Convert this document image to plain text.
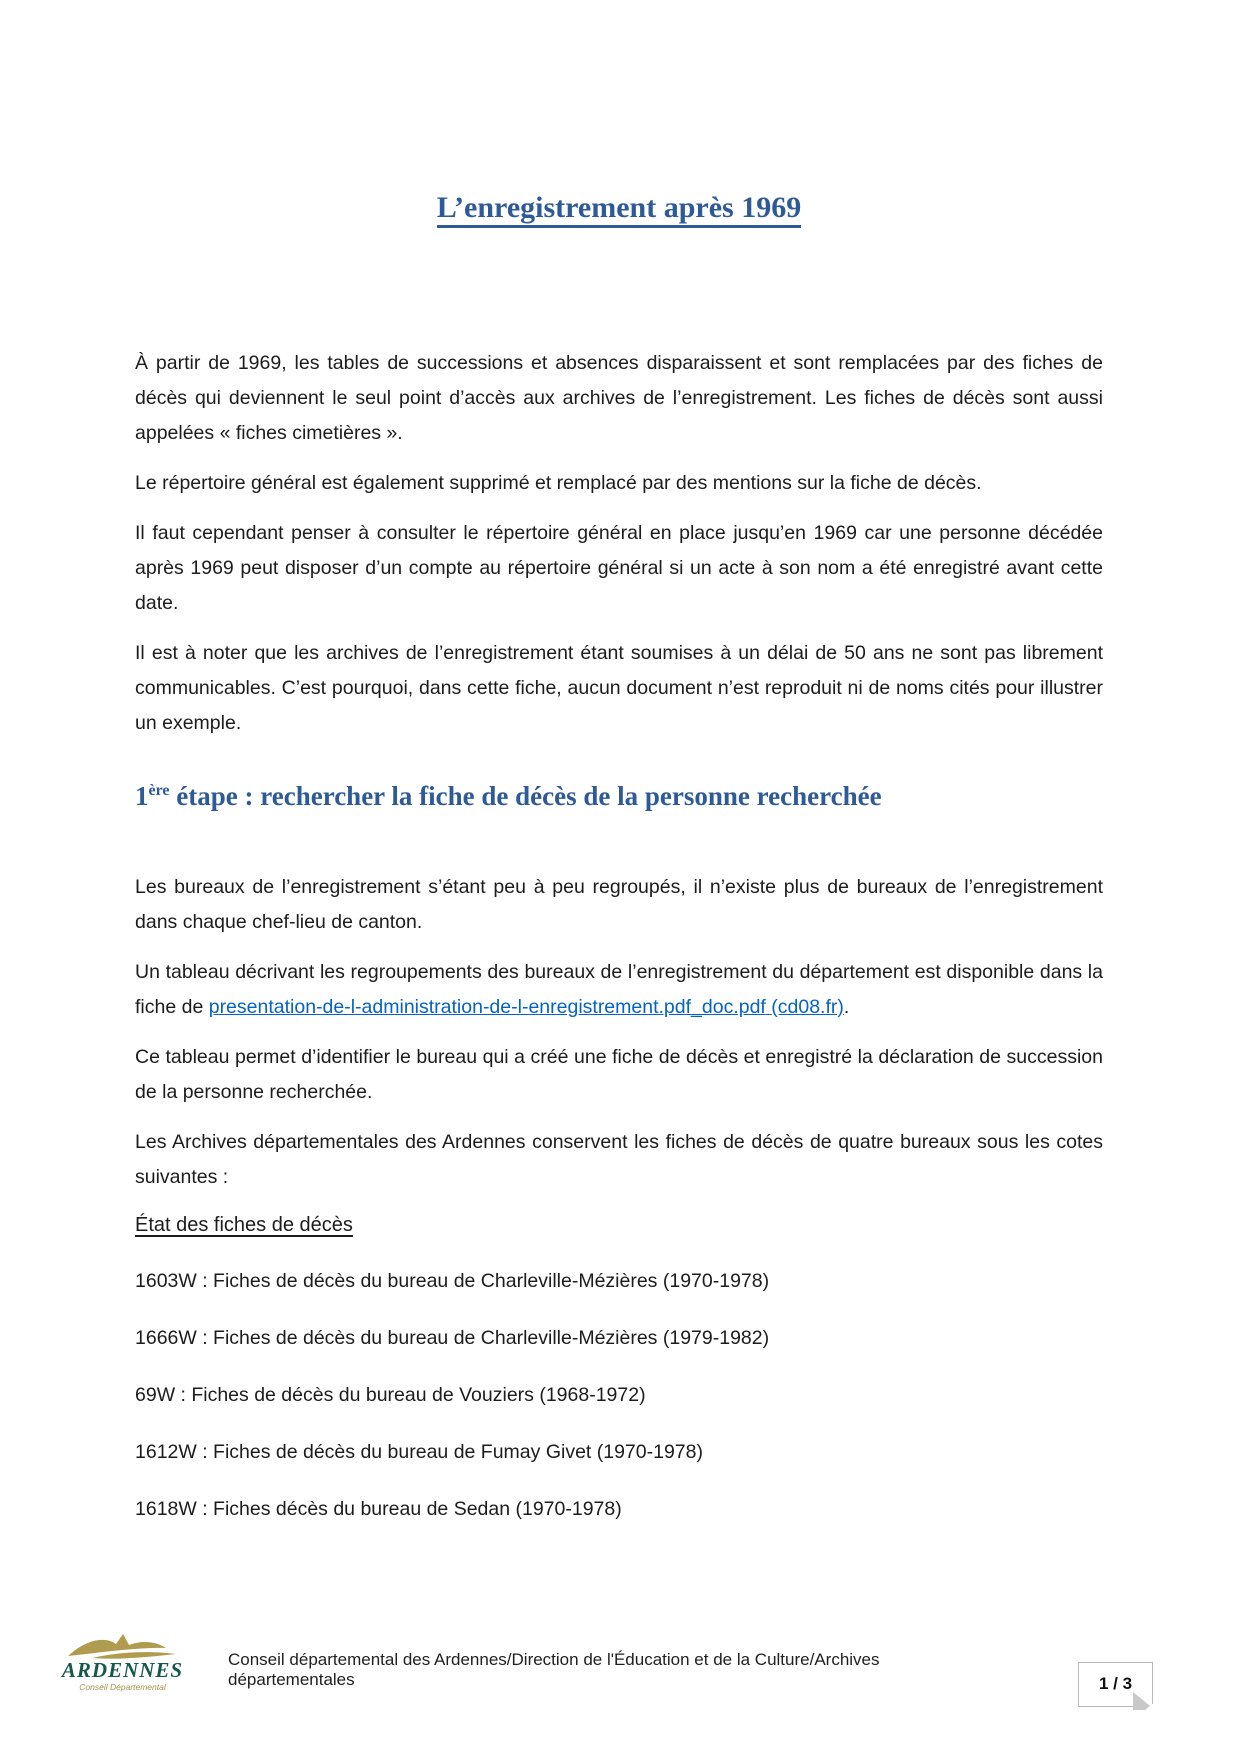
L’enregistrement après 1969

À partir de 1969, les tables de successions et absences disparaissent et sont remplacées par des fiches de décès qui deviennent le seul point d’accès aux archives de l’enregistrement. Les fiches de décès sont aussi appelées « fiches cimetières ».

Le répertoire général est également supprimé et remplacé par des mentions sur la fiche de décès.

Il faut cependant penser à consulter le répertoire général en place jusqu’en 1969 car une personne décédée après 1969 peut disposer d’un compte au répertoire général si un acte à son nom a été enregistré avant cette date.

Il est à noter que les archives de l’enregistrement étant soumises à un délai de 50 ans ne sont pas librement communicables. C’est pourquoi, dans cette fiche, aucun document n’est reproduit ni de noms cités pour illustrer un exemple.

1ère étape : rechercher la fiche de décès de la personne recherchée

Les bureaux de l’enregistrement s’étant peu à peu regroupés, il n’existe plus de bureaux de l’enregistrement dans chaque chef-lieu de canton.

Un tableau décrivant les regroupements des bureaux de l’enregistrement du département est disponible dans la fiche de presentation-de-l-administration-de-l-enregistrement.pdf_doc.pdf (cd08.fr).

Ce tableau permet d’identifier le bureau qui a créé une fiche de décès et enregistré la déclaration de succession de la personne recherchée.

Les Archives départementales des Ardennes conservent les fiches de décès de quatre bureaux sous les cotes suivantes :

État des fiches de décès

1603W : Fiches de décès du bureau de Charleville-Mézières (1970-1978)

1666W : Fiches de décès du bureau de Charleville-Mézières (1979-1982)

69W : Fiches de décès du bureau de Vouziers (1968-1972)

1612W : Fiches de décès du bureau de Fumay Givet (1970-1978)

1618W : Fiches décès du bureau de Sedan (1970-1978)

ARDENNES
Conseil Départemental
Conseil départemental des Ardennes/Direction de l'Éducation et de la Culture/Archives départementales	1 / 3
